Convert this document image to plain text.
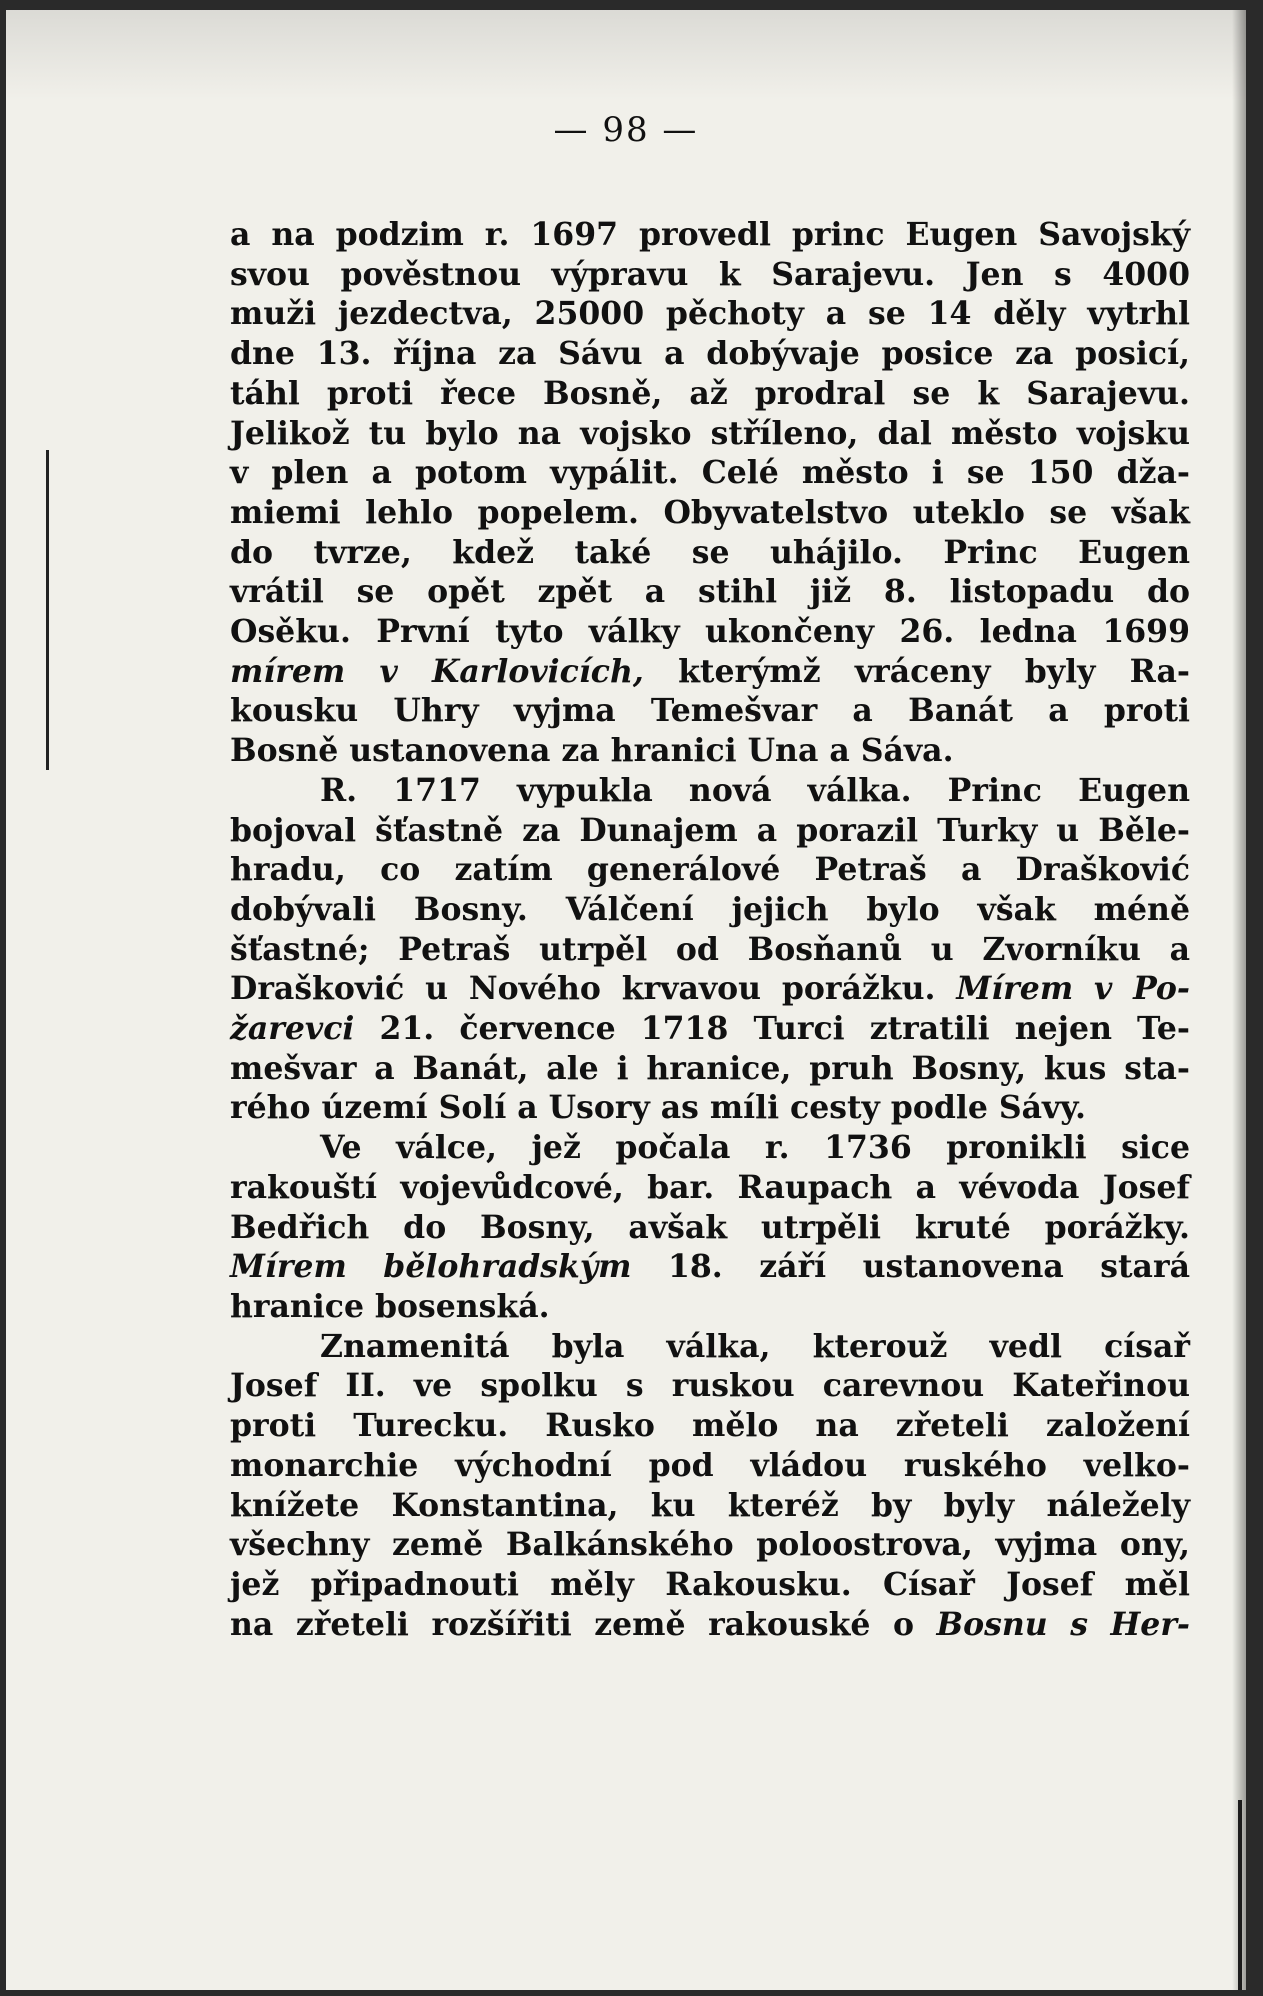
— 98 —
a na podzim r. 1697 provedl princ Eugen Savojský
svou pověstnou výpravu k Sarajevu. Jen s 4000
muži jezdectva, 25000 pěchoty a se 14 děly vytrhl
dne 13. října za Sávu a dobývaje posice za posicí,
táhl proti řece Bosně, až prodral se k Sarajevu.
Jelikož tu bylo na vojsko stříleno, dal město vojsku
v plen a potom vypálit. Celé město i se 150 dža-
miemi lehlo popelem. Obyvatelstvo uteklo se však
do tvrze, kdež také se uhájilo. Princ Eugen
vrátil se opět zpět a stihl již 8. listopadu do
Osěku. První tyto války ukončeny 26. ledna 1699
mírem v Karlovicích, kterýmž vráceny byly Ra-
kousku Uhry vyjma Temešvar a Banát a proti
Bosně ustanovena za hranici Una a Sáva.
R. 1717 vypukla nová válka. Princ Eugen
bojoval šťastně za Dunajem a porazil Turky u Běle-
hradu, co zatím generálové Petraš a Drašković
dobývali Bosny. Válčení jejich bylo však méně
šťastné; Petraš utrpěl od Bosňanů u Zvorníku a
Drašković u Nového krvavou porážku. Mírem v Po-
žarevci 21. července 1718 Turci ztratili nejen Te-
mešvar a Banát, ale i hranice, pruh Bosny, kus sta-
rého území Solí a Usory as míli cesty podle Sávy.
Ve válce, jež počala r. 1736 pronikli sice
rakouští vojevůdcové, bar. Raupach a vévoda Josef
Bedřich do Bosny, avšak utrpěli kruté porážky.
Mírem bělohradským 18. září ustanovena stará
hranice bosenská.
Znamenitá byla válka, kterouž vedl císař
Josef II. ve spolku s ruskou carevnou Kateřinou
proti Turecku. Rusko mělo na zřeteli založení
monarchie východní pod vládou ruského velko-
knížete Konstantina, ku kteréž by byly náležely
všechny země Balkánského poloostrova, vyjma ony,
jež připadnouti měly Rakousku. Císař Josef měl
na zřeteli rozšířiti země rakouské o Bosnu s Her-
